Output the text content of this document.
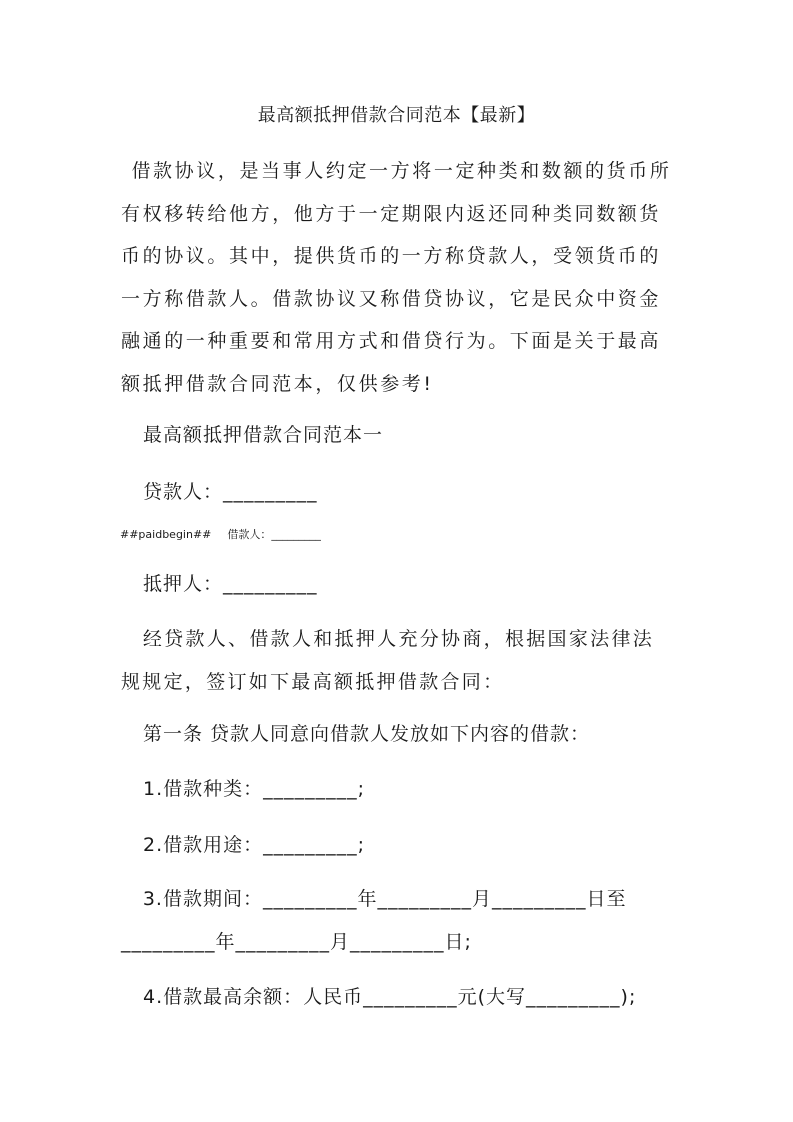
最高额抵押借款合同范本【最新】

借款协议，是当事人约定一方将一定种类和数额的货币所有权移转给他方，他方于一定期限内返还同种类同数额货币的协议。其中，提供货币的一方称贷款人，受领货币的一方称借款人。借款协议又称借贷协议，它是民众中资金融通的一种重要和常用方式和借贷行为。下面是关于最高额抵押借款合同范本，仅供参考!

最高额抵押借款合同范本一
贷款人：_________
##paidbegin## 借款人：_________
抵押人：_________

经贷款人、借款人和抵押人充分协商，根据国家法律法规规定，签订如下最高额抵押借款合同：

第一条 贷款人同意向借款人发放如下内容的借款：
1.借款种类：_________;
2.借款用途：_________;

3.借款期间：_________年_________月_________日至_________年_________月_________日;

4.借款最高余额：人民币_________元(大写_________);
